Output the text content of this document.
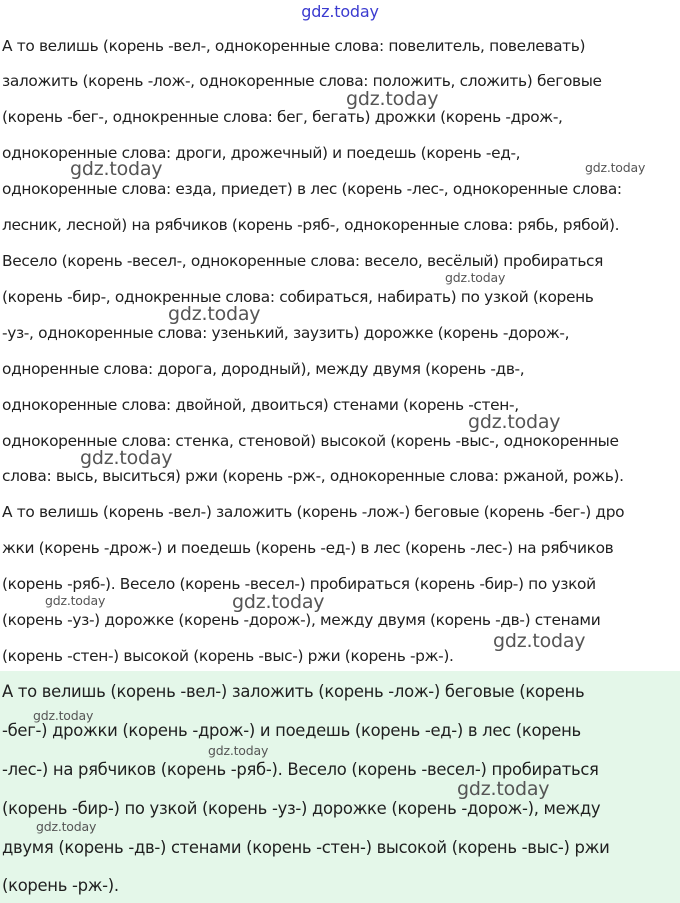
gdz.today
А то велишь (корень -вел-, однокоренные слова: повелитель, повелевать)
заложить (корень -лож-, однокоренные слова: положить, сложить) беговые
(корень -бег-, однокренные слова: бег, бегать) дрожки (корень -дрож-,
однокоренные слова: дроги, дрожечный) и поедешь (корень -ед-,
однокоренные слова: езда, приедет) в лес (корень -лес-, однокоренные слова:
лесник, лесной) на рябчиков (корень -ряб-, однокоренные слова: рябь, рябой).
Весело (корень -весел-, однокоренные слова: весело, весёлый) пробираться
(корень -бир-, однокренные слова: собираться, набирать) по узкой (корень
-уз-, однокоренные слова: узенький, заузить) дорожке (корень -дорож-,
одноренные слова: дорога, дородный), между двумя (корень -дв-,
однокоренные слова: двойной, двоиться) стенами (корень -стен-,
однокоренные слова: стенка, стеновой) высокой (корень -выс-, однокоренные
слова: высь, выситься) ржи (корень -рж-, однокоренные слова: ржаной, рожь).
А то велишь (корень -вел-) заложить (корень -лож-) беговые (корень -бег-) дро
жки (корень -дрож-) и поедешь (корень -ед-) в лес (корень -лес-) на рябчиков
(корень -ряб-). Весело (корень -весел-) пробираться (корень -бир-) по узкой
(корень -уз-) дорожке (корень -дорож-), между двумя (корень -дв-) стенами
(корень -стен-) высокой (корень -выс-) ржи (корень -рж-).
А то велишь (корень -вел-) заложить (корень -лож-) беговые (корень
-бег-) дрожки (корень -дрож-) и поедешь (корень -ед-) в лес (корень
-лес-) на рябчиков (корень -ряб-). Весело (корень -весел-) пробираться
(корень -бир-) по узкой (корень -уз-) дорожке (корень -дорож-), между
двумя (корень -дв-) стенами (корень -стен-) высокой (корень -выс-) ржи
(корень -рж-).
gdz.today
gdz.today
gdz.today
gdz.today
gdz.today
gdz.today
gdz.today
gdz.today	gdz.today
gdz.today
gdz.today
gdz.today
gdz.today
gdz.today
